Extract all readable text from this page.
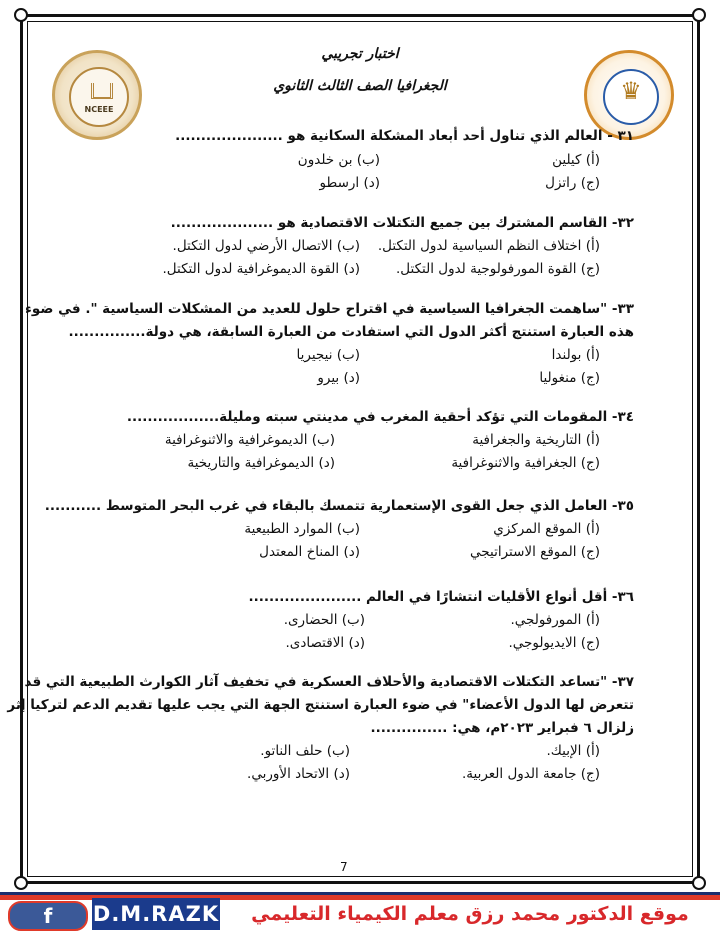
NCEEE
♛
اختبار تجريبي
الجغرافيا الصف الثالث الثانوي
٣١ - العالم الذي تناول أحد أبعاد المشكلة السكانية هو .....................
(أ) كيلين
(ب) بن خلدون
(ج) راتزل
(د) ارسطو
٣٢- القاسم المشترك بين جميع التكتلات الاقتصادية هو ....................
(أ) اختلاف النظم السياسية لدول التكتل.
(ب) الاتصال الأرضي لدول التكتل.
(ج) القوة المورفولوجية لدول التكتل.
(د) القوة الديموغرافية لدول التكتل.
٣٣- "ساهمت الجغرافيا السياسية في اقتراح حلول للعديد من المشكلات السياسية ". في ضوء
هذه العبارة استنتج أكثر الدول التي استفادت من العبارة السابقة، هي دولة...............
(أ) بولندا
(ب) نيجيريا
(ج) منغوليا
(د) بيرو
٣٤- المقومات التي تؤكد أحقية المغرب في مدينتي سبته ومليلة..................
(أ) التاريخية والجغرافية
(ب) الديموغرافية والاثنوغرافية
(ج) الجغرافية والاثنوغرافية
(د) الديموغرافية والتاريخية
٣٥- العامل الذي جعل القوى الإستعمارية تتمسك بالبقاء في غرب البحر المتوسط ...........
(أ) الموقع المركزي
(ب) الموارد الطبيعية
(ج) الموقع الاستراتيجي
(د) المناخ المعتدل
٣٦- أقل أنواع الأقليات انتشارًا في العالم ......................
(أ) المورفولجي.
(ب) الحضارى.
(ج) الايديولوجي.
(د) الاقتصادى.
٣٧- "تساعد التكتلات الاقتصادية والأحلاف العسكرية في تخفيف آثار الكوارث الطبيعية التي قد
تتعرض لها الدول الأعضاء" في ضوء العبارة استنتج الجهة التي يجب عليها تقديم الدعم لتركيا إثر
زلزال ٦ فبراير ٢٠٢٣م، هي: ...............
(أ) الإبيك.
(ب) حلف الناتو.
(ج) جامعة الدول العربية.
(د) الاتحاد الأوربي.
7
f	D.M.RAZK	موقع الدكتور محمد رزق معلم الكيمياء التعليمي
